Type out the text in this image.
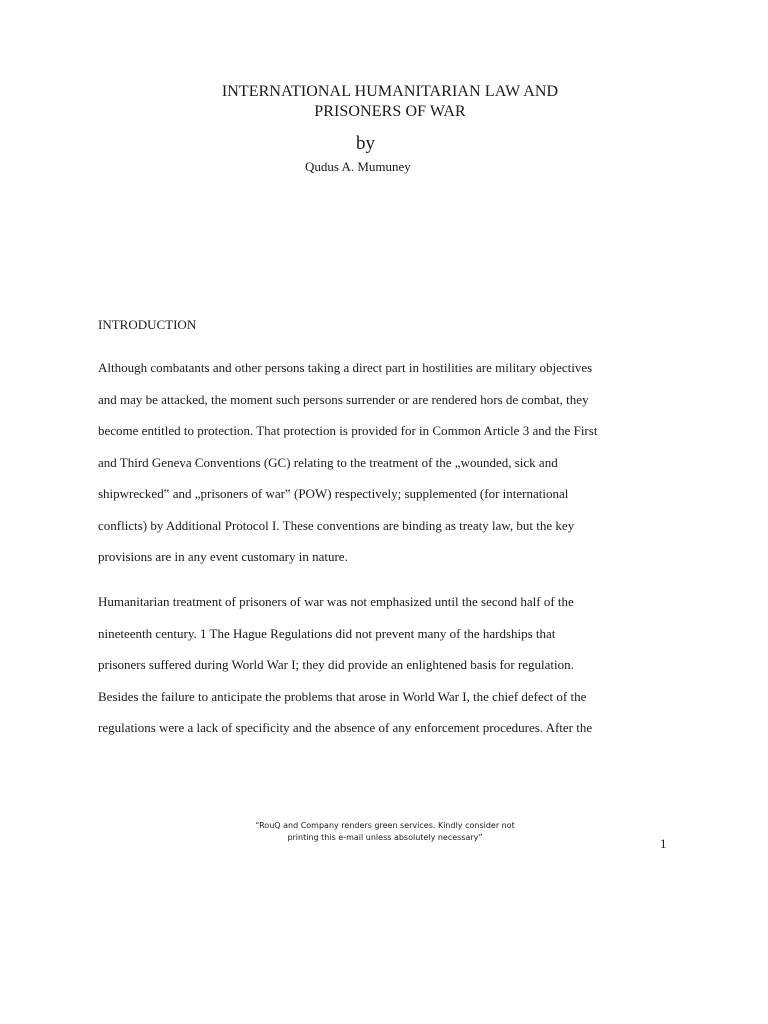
INTERNATIONAL HUMANITARIAN LAW AND
PRISONERS OF WAR
by
Qudus A. Mumuney
INTRODUCTION
Although combatants and other persons taking a direct part in hostilities are military objectives
and may be attacked, the moment such persons surrender or are rendered hors de combat, they
become entitled to protection. That protection is provided for in Common Article 3 and the First
and Third Geneva Conventions (GC) relating to the treatment of the „wounded, sick and
shipwrecked‟ and „prisoners of war‟ (POW) respectively; supplemented (for international
conflicts) by Additional Protocol I. These conventions are binding as treaty law, but the key
provisions are in any event customary in nature.
Humanitarian treatment of prisoners of war was not emphasized until the second half of the
nineteenth century. 1 The Hague Regulations did not prevent many of the hardships that
prisoners suffered during World War I; they did provide an enlightened basis for regulation.
Besides the failure to anticipate the problems that arose in World War I, the chief defect of the
regulations were a lack of specificity and the absence of any enforcement procedures. After the
“RouQ and Company renders green services. Kindly consider not
printing this e-mail unless absolutely necessary”	1
